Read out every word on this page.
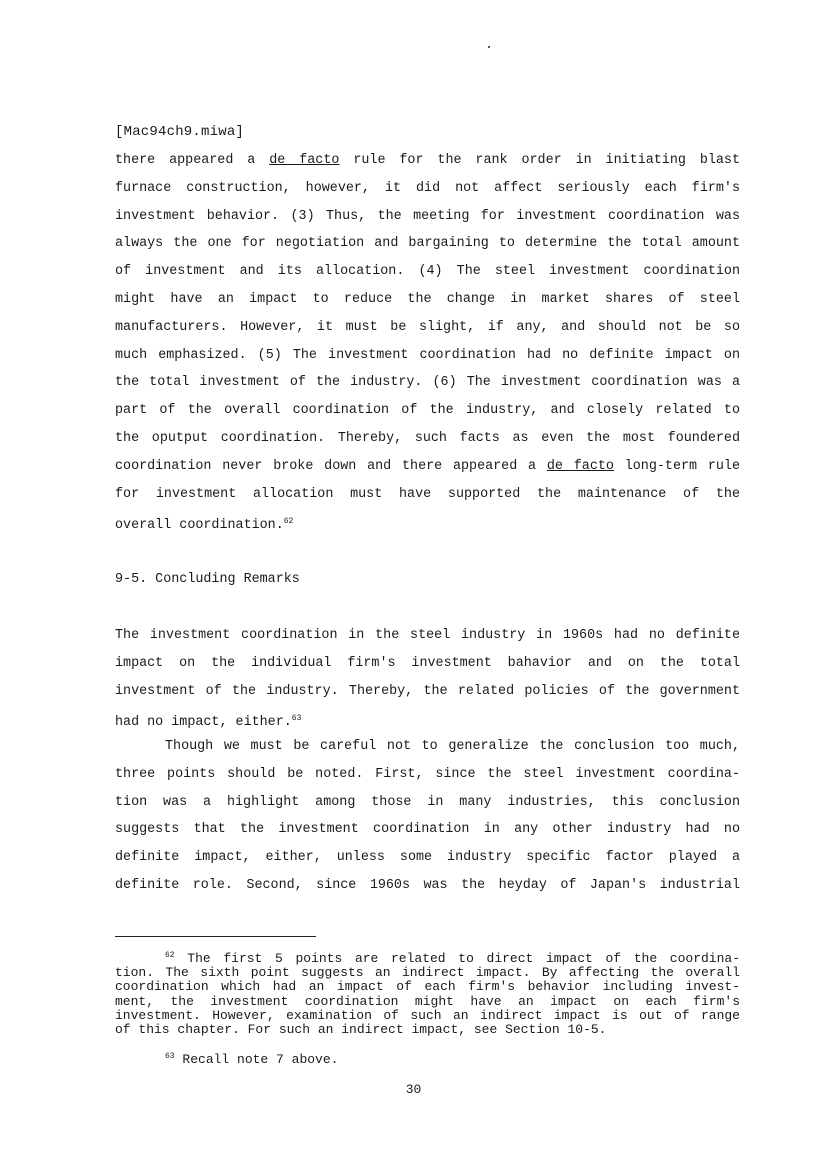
[Mac94ch9.miwa]
there appeared a de facto rule for the rank order in initiating blast
furnace construction, however, it did not affect seriously each firm's
investment behavior. (3) Thus, the meeting for investment coordination was
always the one for negotiation and bargaining to determine the total amount
of investment and its allocation. (4) The steel investment coordination
might have an impact to reduce the change in market shares of steel
manufacturers. However, it must be slight, if any, and should not be so
much emphasized. (5) The investment coordination had no definite impact on
the total investment of the industry. (6) The investment coordination was a
part of the overall coordination of the industry, and closely related to
the oputput coordination. Thereby, such facts as even the most foundered
coordination never broke down and there appeared a de facto long-term rule
for investment allocation must have supported the maintenance of the
overall coordination.$^{62}$
9-5. Concluding Remarks
The investment coordination in the steel industry in 1960s had no definite
impact on the individual firm's investment bahavior and on the total
investment of the industry. Thereby, the related policies of the government
had no impact, either.$^{63}$
Though we must be careful not to generalize the conclusion too much,
three points should be noted. First, since the steel investment coordina-
tion was a highlight among those in many industries, this conclusion
suggests that the investment coordination in any other industry had no
definite impact, either, unless some industry specific factor played a
definite role. Second, since 1960s was the heyday of Japan's industrial
$^{62}$ The first 5 points are related to direct impact of the coordina-
tion. The sixth point suggests an indirect impact. By affecting the overall
coordination which had an impact of each firm's behavior including invest-
ment, the investment coordination might have an impact on each firm's
investment. However, examination of such an indirect impact is out of range
of this chapter. For such an indirect impact, see Section 10-5.
$^{63}$ Recall note 7 above.
30
